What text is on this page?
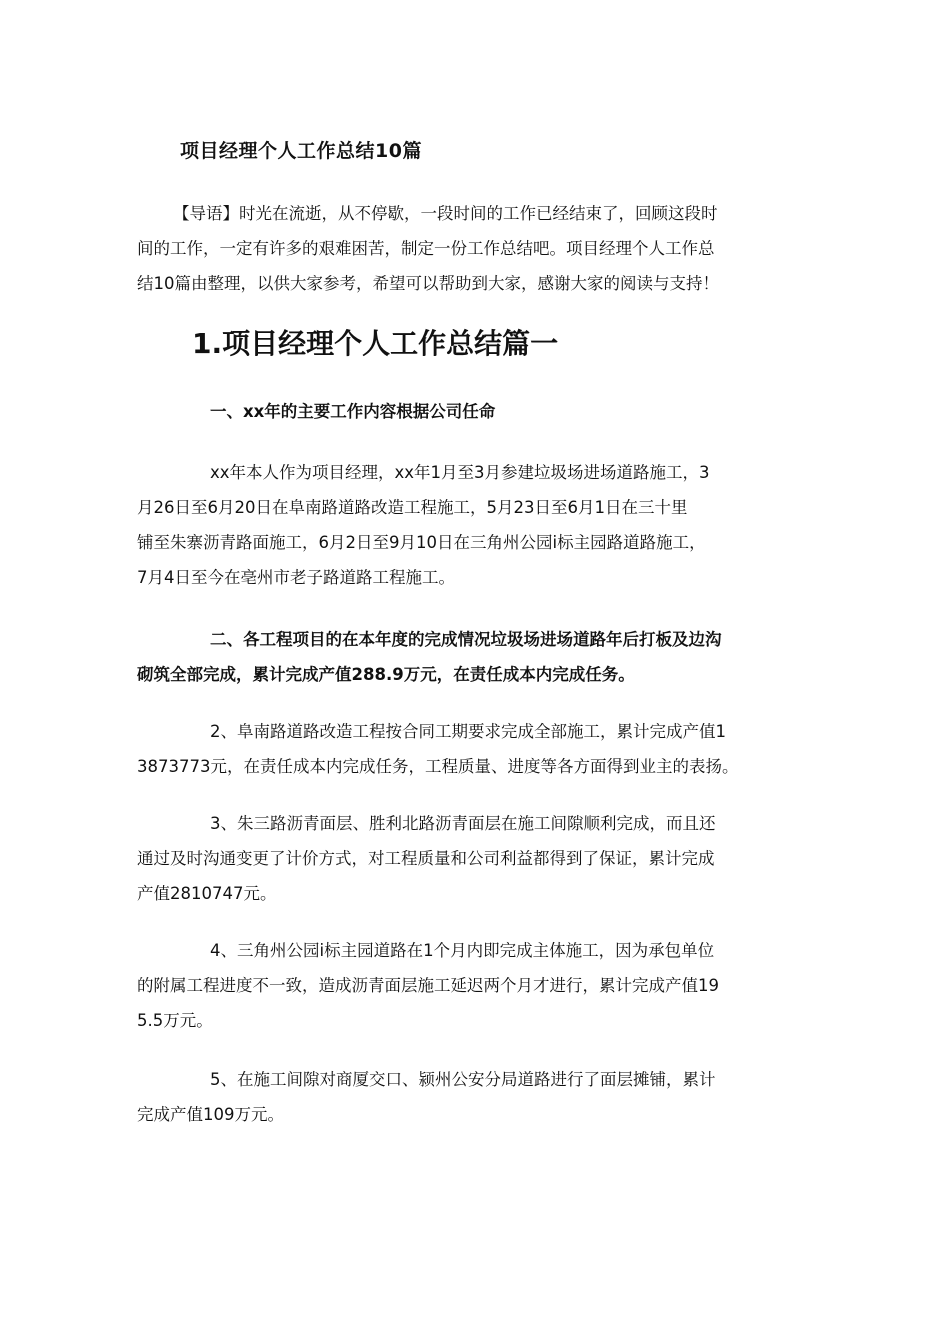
项目经理个人工作总结10篇
【导语】时光在流逝，从不停歇，一段时间的工作已经结束了，回顾这段时
间的工作，一定有许多的艰难困苦，制定一份工作总结吧。项目经理个人工作总
结10篇由整理，以供大家参考，希望可以帮助到大家，感谢大家的阅读与支持！
1.项目经理个人工作总结篇一
一、xx年的主要工作内容根据公司任命
xx年本人作为项目经理，xx年1月至3月参建垃圾场进场道路施工，3
月26日至6月20日在阜南路道路改造工程施工，5月23日至6月1日在三十里
铺至朱寨沥青路面施工，6月2日至9月10日在三角州公园i标主园路道路施工，
7月4日至今在亳州市老子路道路工程施工。
二、各工程项目的在本年度的完成情况垃圾场进场道路年后打板及边沟
砌筑全部完成，累计完成产值288.9万元，在责任成本内完成任务。
2、阜南路道路改造工程按合同工期要求完成全部施工，累计完成产值1
3873773元，在责任成本内完成任务，工程质量、进度等各方面得到业主的表扬。
3、朱三路沥青面层、胜利北路沥青面层在施工间隙顺利完成，而且还
通过及时沟通变更了计价方式，对工程质量和公司利益都得到了保证，累计完成
产值2810747元。
4、三角州公园i标主园道路在1个月内即完成主体施工，因为承包单位
的附属工程进度不一致，造成沥青面层施工延迟两个月才进行，累计完成产值19
5.5万元。
5、在施工间隙对商厦交口、颍州公安分局道路进行了面层摊铺，累计
完成产值109万元。
